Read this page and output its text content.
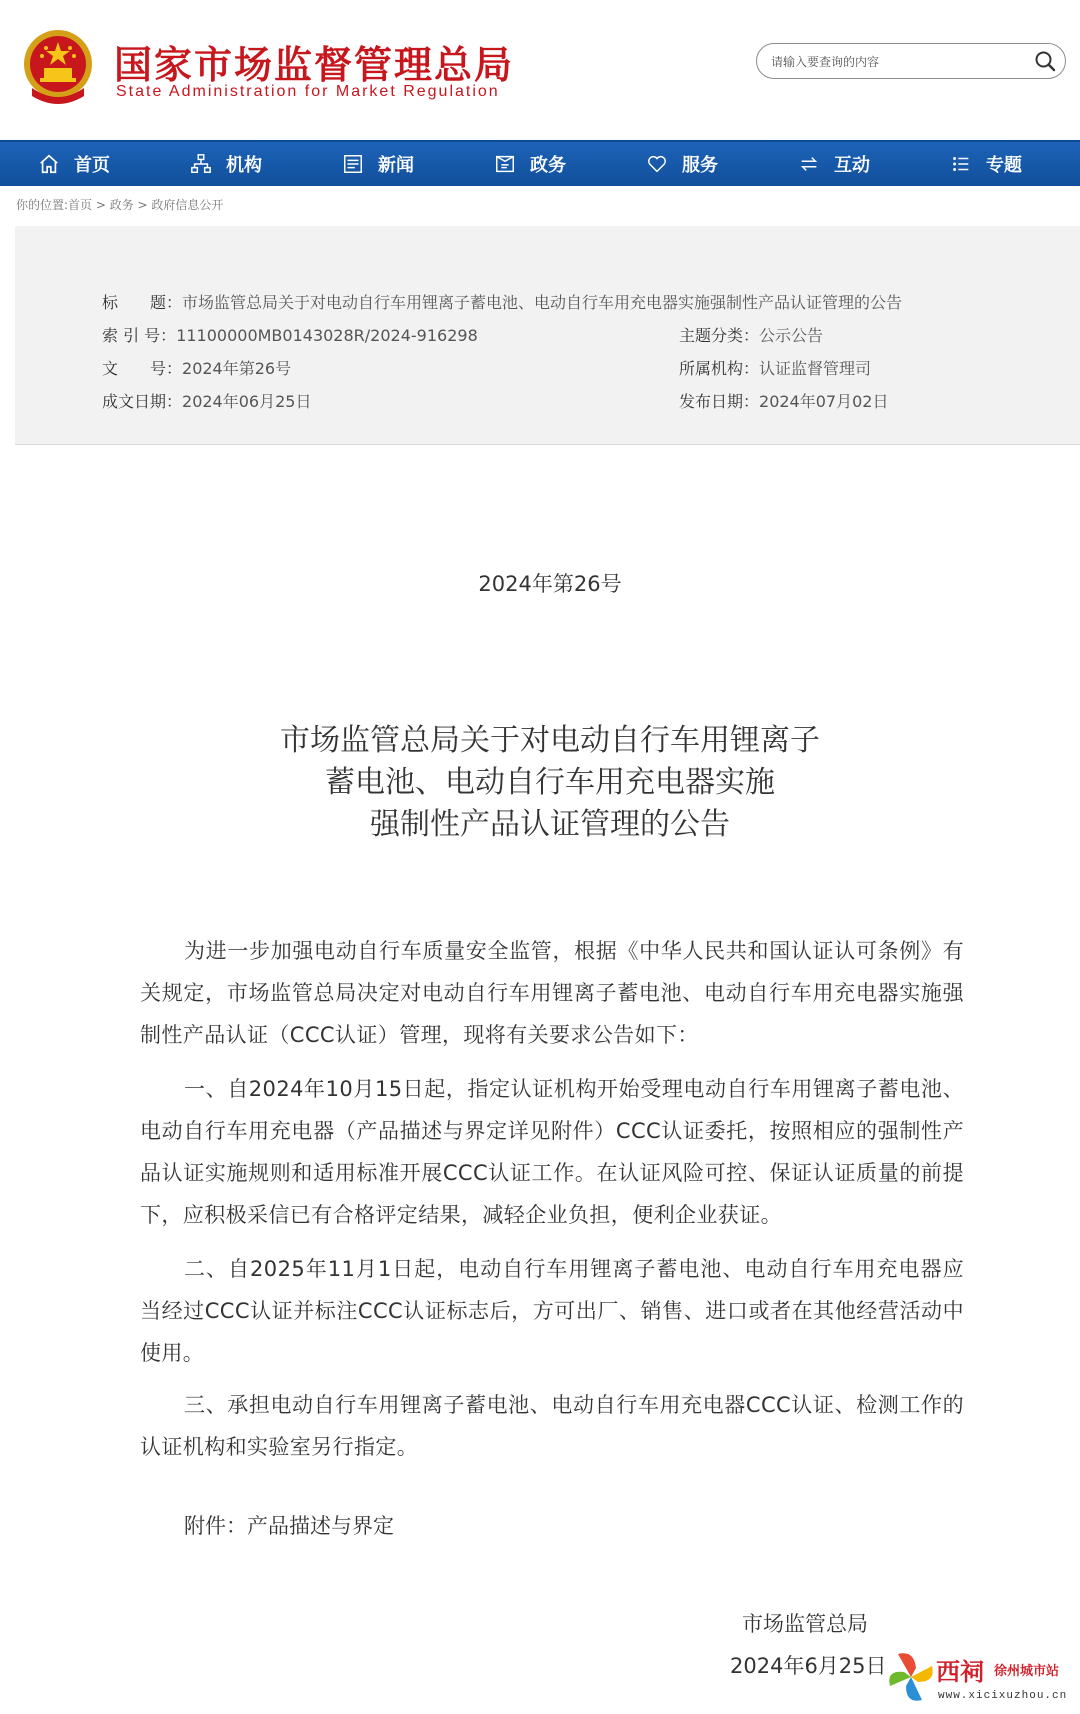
国家市场监督管理总局
State Administration for Market Regulation
请输入要查询的内容
首页	机构	新闻	政务	服务	互动	专题
你的位置:首页 > 政务 > 政府信息公开
标　　题：市场监管总局关于对电动自行车用锂离子蓄电池、电动自行车用充电器实施强制性产品认证管理的公告
索 引 号：11100000MB0143028R/2024-916298	主题分类：公示公告
文　　号：2024年第26号	所属机构：认证监督管理司
成文日期：2024年06月25日	发布日期：2024年07月02日
2024年第26号
市场监管总局关于对电动自行车用锂离子
蓄电池、电动自行车用充电器实施
强制性产品认证管理的公告

为进一步加强电动自行车质量安全监管，根据《中华人民共和国认证认可条例》有关规定，市场监管总局决定对电动自行车用锂离子蓄电池、电动自行车用充电器实施强制性产品认证（CCC认证）管理，现将有关要求公告如下：

一、自2024年10月15日起，指定认证机构开始受理电动自行车用锂离子蓄电池、电动自行车用充电器（产品描述与界定详见附件）CCC认证委托，按照相应的强制性产品认证实施规则和适用标准开展CCC认证工作。在认证风险可控、保证认证质量的前提下，应积极采信已有合格评定结果，减轻企业负担，便利企业获证。

二、自2025年11月1日起，电动自行车用锂离子蓄电池、电动自行车用充电器应当经过CCC认证并标注CCC认证标志后，方可出厂、销售、进口或者在其他经营活动中使用。

三、承担电动自行车用锂离子蓄电池、电动自行车用充电器CCC认证、检测工作的认证机构和实验室另行指定。

附件：产品描述与界定
市场监管总局
2024年6月25日 西祠 徐州城市站
www.xicixuzhou.cn
